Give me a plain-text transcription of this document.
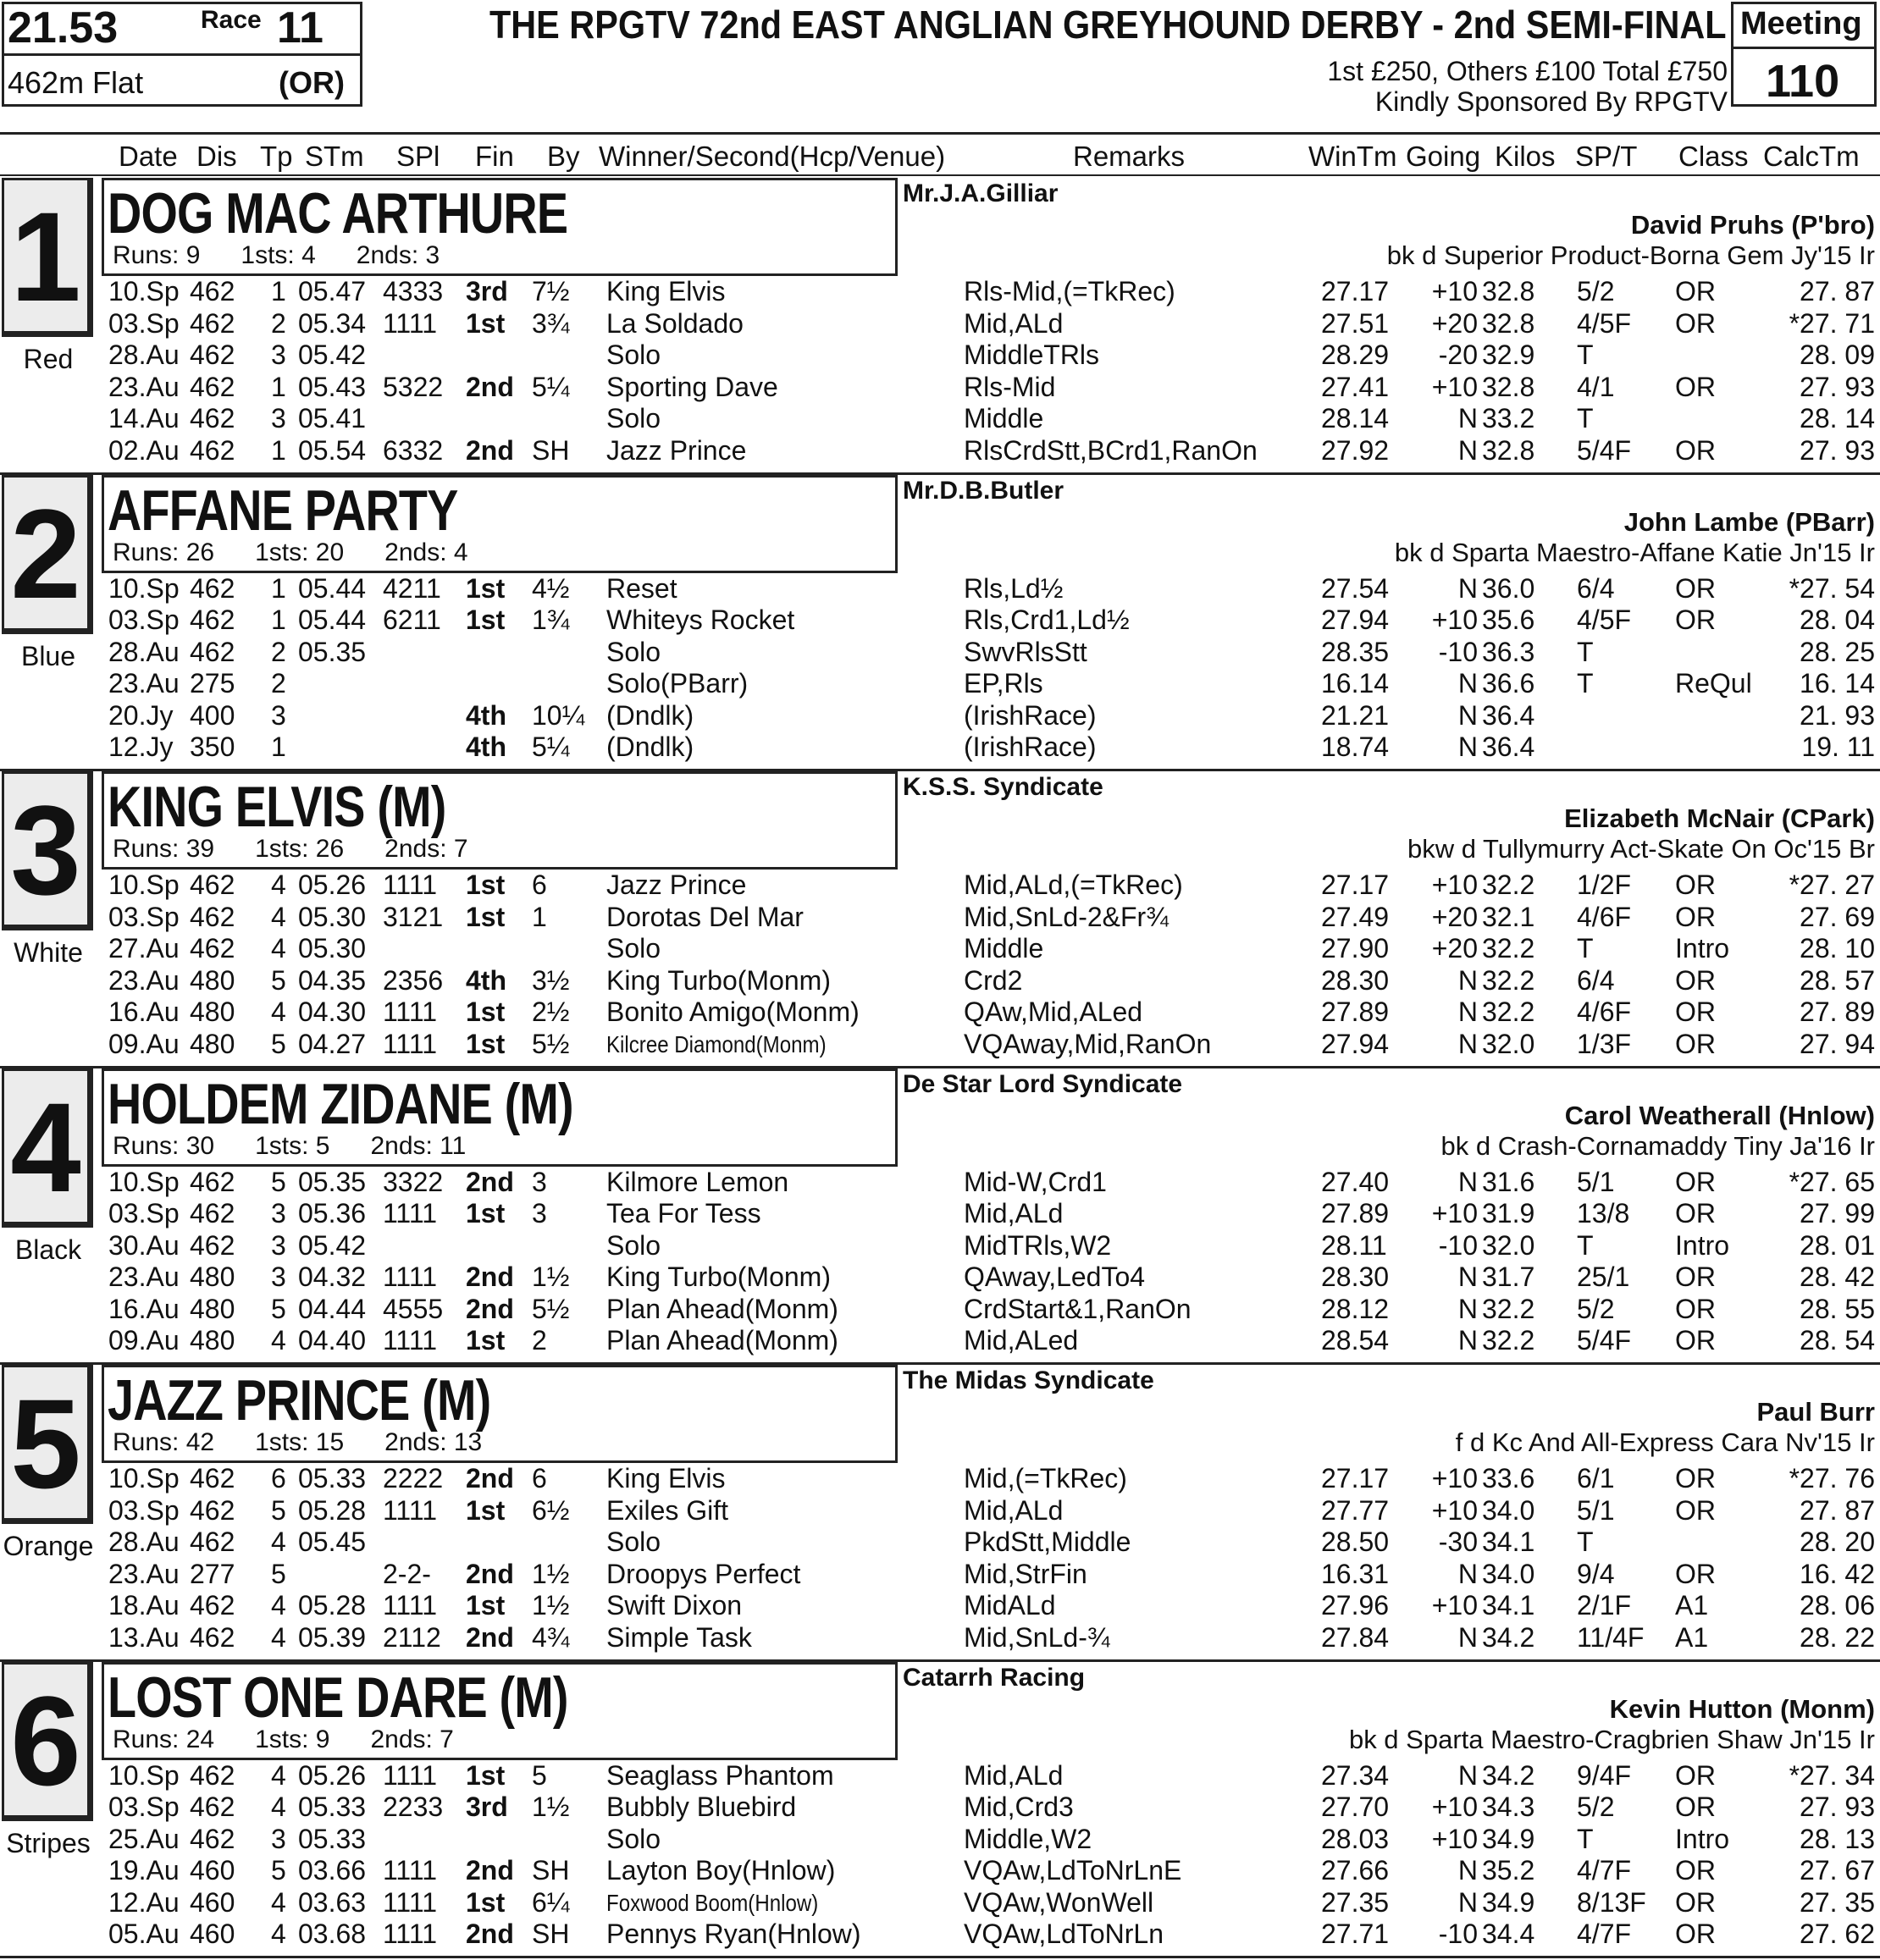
21.53	Race 11
462m Flat	(OR)
THE RPGTV 72nd EAST ANGLIAN GREYHOUND DERBY - 2nd SEMI-FINAL
1st £250, Others £100 Total £750
Kindly Sponsored By RPGTV
Meeting
110
Date Dis Tp STm SPl Fin By Winner/Second(Hcp/Venue)	Remarks	WinTm Going Kilos SP/T Class CalcTm
1
Red
DOG MAC ARTHURE
Runs: 9 1sts: 4 2nds: 3
Mr.J.A.Gilliar
David Pruhs (P'bro)
bk d Superior Product-Borna Gem Jy'15 Ir
10.Sp 462 1 05.47 4333 3rd 7½ King Elvis	Rls-Mid,(=TkRec)	27.17	+10 32.8 5/2 OR	27. 87
03.Sp 462 2 05.34 1111 1st 3¾ La Soldado	Mid,ALd	27.51	+20 32.8 4/5F OR	*27. 71
28.Au 462 3 05.42	Solo	MiddleTRls	28.29	-20 32.9 T	28. 09
23.Au 462 1 05.43 5322 2nd 5¼ Sporting Dave	Rls-Mid	27.41	+10 32.8 4/1 OR	27. 93
14.Au 462 3 05.41	Solo	Middle	28.14	N 33.2 T	28. 14
02.Au 462 1 05.54 6332 2nd SH Jazz Prince	RlsCrdStt,BCrd1,RanOn 27.92	N 32.8 5/4F OR	27. 93
2
Blue
AFFANE PARTY
Runs: 26 1sts: 20 2nds: 4
Mr.D.B.Butler
John Lambe (PBarr)
bk d Sparta Maestro-Affane Katie Jn'15 Ir
10.Sp 462 1 05.44 4211 1st 4½ Reset	Rls,Ld½	27.54	N 36.0 6/4 OR	*27. 54
03.Sp 462 1 05.44 6211 1st 1¾ Whiteys Rocket	Rls,Crd1,Ld½	27.94	+10 35.6 4/5F OR	28. 04
28.Au 462 2 05.35	Solo	SwvRlsStt	28.35	-10 36.3 T	28. 25
23.Au 275 2	Solo(PBarr)	EP,Rls	16.14	N 36.6 T	ReQul	16. 14
20.Jy 400 3	4th 10¼ (Dndlk)	(IrishRace)	21.21	N 36.4	21. 93
12.Jy 350 1	4th 5¼ (Dndlk)	(IrishRace)	18.74	N 36.4	19. 11
3
White
KING ELVIS (M)
Runs: 39 1sts: 26 2nds: 7
K.S.S. Syndicate
Elizabeth McNair (CPark)
bkw d Tullymurry Act-Skate On Oc'15 Br
10.Sp 462 4 05.26 1111 1st 6 Jazz Prince	Mid,ALd,(=TkRec)	27.17	+10 32.2 1/2F OR	*27. 27
03.Sp 462 4 05.30 3121 1st 1 Dorotas Del Mar	Mid,SnLd-2&Fr¾	27.49	+20 32.1 4/6F OR	27. 69
27.Au 462 4 05.30	Solo	Middle	27.90	+20 32.2 T	Intro	28. 10
23.Au 480 5 04.35 2356 4th 3½ King Turbo(Monm)	Crd2	28.30	N 32.2 6/4 OR	28. 57
16.Au 480 4 04.30 1111 1st 2½ Bonito Amigo(Monm)	QAw,Mid,ALed	27.89	N 32.2 4/6F OR	27. 89
09.Au 480 5 04.27 1111 1st 5½ Kilcree Diamond(Monm)	VQAway,Mid,RanOn	27.94	N 32.0 1/3F OR	27. 94
4
Black
HOLDEM ZIDANE (M)
Runs: 30 1sts: 5 2nds: 11
De Star Lord Syndicate
Carol Weatherall (Hnlow)
bk d Crash-Cornamaddy Tiny Ja'16 Ir
10.Sp 462 5 05.35 3322 2nd 3 Kilmore Lemon	Mid-W,Crd1	27.40	N 31.6 5/1 OR	*27. 65
03.Sp 462 3 05.36 1111 1st 3 Tea For Tess	Mid,ALd	27.89	+10 31.9 13/8 OR	27. 99
30.Au 462 3 05.42	Solo	MidTRls,W2	28.11	-10 32.0 T	Intro	28. 01
23.Au 480 3 04.32 1111 2nd 1½ King Turbo(Monm)	QAway,LedTo4	28.30	N 31.7 25/1 OR	28. 42
16.Au 480 5 04.44 4555 2nd 5½ Plan Ahead(Monm)	CrdStart&1,RanOn	28.12	N 32.2 5/2 OR	28. 55
09.Au 480 4 04.40 1111 1st 2 Plan Ahead(Monm)	Mid,ALed	28.54	N 32.2 5/4F OR	28. 54
5
Orange
JAZZ PRINCE (M)
Runs: 42 1sts: 15 2nds: 13
The Midas Syndicate
Paul Burr
f d Kc And All-Express Cara Nv'15 Ir
10.Sp 462 6 05.33 2222 2nd 6 King Elvis	Mid,(=TkRec)	27.17	+10 33.6 6/1 OR	*27. 76
03.Sp 462 5 05.28 1111 1st 6½ Exiles Gift	Mid,ALd	27.77	+10 34.0 5/1 OR	27. 87
28.Au 462 4 05.45	Solo	PkdStt,Middle	28.50	-30 34.1 T	28. 20
23.Au 277 5	2-2- 2nd 1½ Droopys Perfect	Mid,StrFin	16.31	N 34.0 9/4 OR	16. 42
18.Au 462 4 05.28 1111 1st 1½ Swift Dixon	MidALd	27.96	+10 34.1 2/1F A1	28. 06
13.Au 462 4 05.39 2112 2nd 4¾ Simple Task	Mid,SnLd-¾	27.84	N 34.2 11/4F A1	28. 22
6
Stripes
LOST ONE DARE (M)
Runs: 24 1sts: 9 2nds: 7
Catarrh Racing
Kevin Hutton (Monm)
bk d Sparta Maestro-Cragbrien Shaw Jn'15 Ir
10.Sp 462 4 05.26 1111 1st 5 Seaglass Phantom	Mid,ALd	27.34	N 34.2 9/4F OR	*27. 34
03.Sp 462 4 05.33 2233 3rd 1½ Bubbly Bluebird	Mid,Crd3	27.70	+10 34.3 5/2 OR	27. 93
25.Au 462 3 05.33	Solo	Middle,W2	28.03	+10 34.9 T	Intro	28. 13
19.Au 460 5 03.66 1111 2nd SH Layton Boy(Hnlow)	VQAw,LdToNrLnE	27.66	N 35.2 4/7F OR	27. 67
12.Au 460 4 03.63 1111 1st 6¼ Foxwood Boom(Hnlow)	VQAw,WonWell	27.35	N 34.9 8/13F OR	27. 35
05.Au 460 4 03.68 1111 2nd SH Pennys Ryan(Hnlow)	VQAw,LdToNrLn	27.71	-10 34.4 4/7F OR	27. 62
